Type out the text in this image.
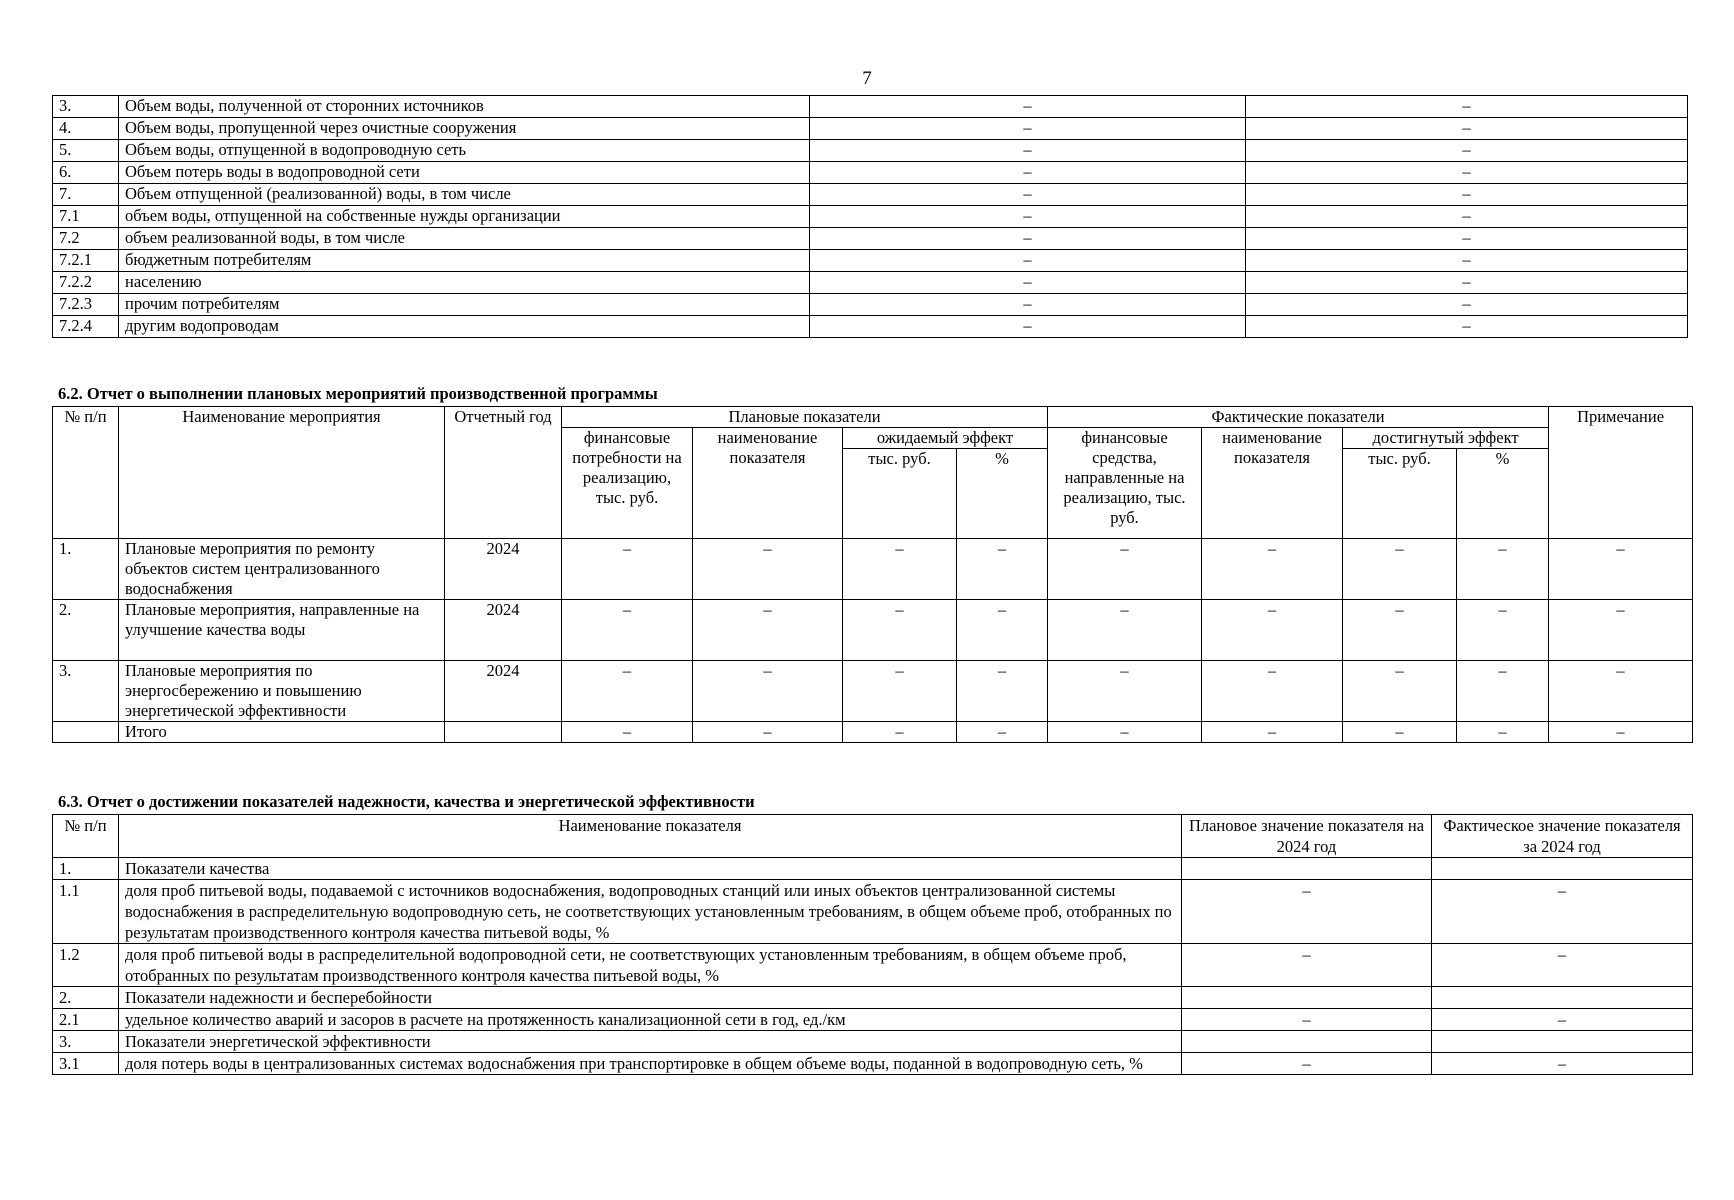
7
3.	Объем воды, полученной от сторонних источников	–	–
4.	Объем воды, пропущенной через очистные сооружения	–	–
5.	Объем воды, отпущенной в водопроводную сеть	–	–
6.	Объем потерь воды в водопроводной сети	–	–
7.	Объем отпущенной (реализованной) воды, в том числе	–	–
7.1	объем воды, отпущенной на собственные нужды организации	–	–
7.2	объем реализованной воды, в том числе	–	–
7.2.1	бюджетным потребителям	–	–
7.2.2	населению	–	–
7.2.3	прочим потребителям	–	–
7.2.4	другим водопроводам	–	–
6.2. Отчет о выполнении плановых мероприятий производственной программы
№ п/п	Наименование мероприятия	Отчетный год	Плановые показатели				Фактические показатели				Примечание
			финансовые потребности на реализацию, тыс. руб.	наименование показателя	ожидаемый эффект		финансовые средства, направленные на реализацию, тыс. руб.	наименование показателя	достигнутый эффект		
					тыс. руб.	%			тыс. руб.	%	
1.	Плановые мероприятия по ремонту объектов систем централизованного водоснабжения	2024	–	–	–	–	–	–	–	–	–
2.	Плановые мероприятия, направленные на улучшение качества воды	2024	–	–	–	–	–	–	–	–	–
3.	Плановые мероприятия по энергосбережению и повышению энергетической эффективности	2024	–	–	–	–	–	–	–	–	–
	Итого		–	–	–	–	–	–	–	–	–
6.3. Отчет о достижении показателей надежности, качества и энергетической эффективности
№ п/п	Наименование показателя	Плановое значение показателя на 2024 год	Фактическое значение показателя за 2024 год
1.	Показатели качества		
1.1	доля проб питьевой воды, подаваемой с источников водоснабжения, водопроводных станций или иных объектов централизованной системы водоснабжения в распределительную водопроводную сеть, не соответствующих установленным требованиям, в общем объеме проб, отобранных по результатам производственного контроля качества питьевой воды, %	–	–
1.2	доля проб питьевой воды в распределительной водопроводной сети, не соответствующих установленным требованиям, в общем объеме проб, отобранных по результатам производственного контроля качества питьевой воды, %	–	–
2.	Показатели надежности и бесперебойности		
2.1	удельное количество аварий и засоров в расчете на протяженность канализационной сети в год, ед./км	–	–
3.	Показатели энергетической эффективности		
3.1	доля потерь воды в централизованных системах водоснабжения при транспортировке в общем объеме воды, поданной в водопроводную сеть, %	–	–
